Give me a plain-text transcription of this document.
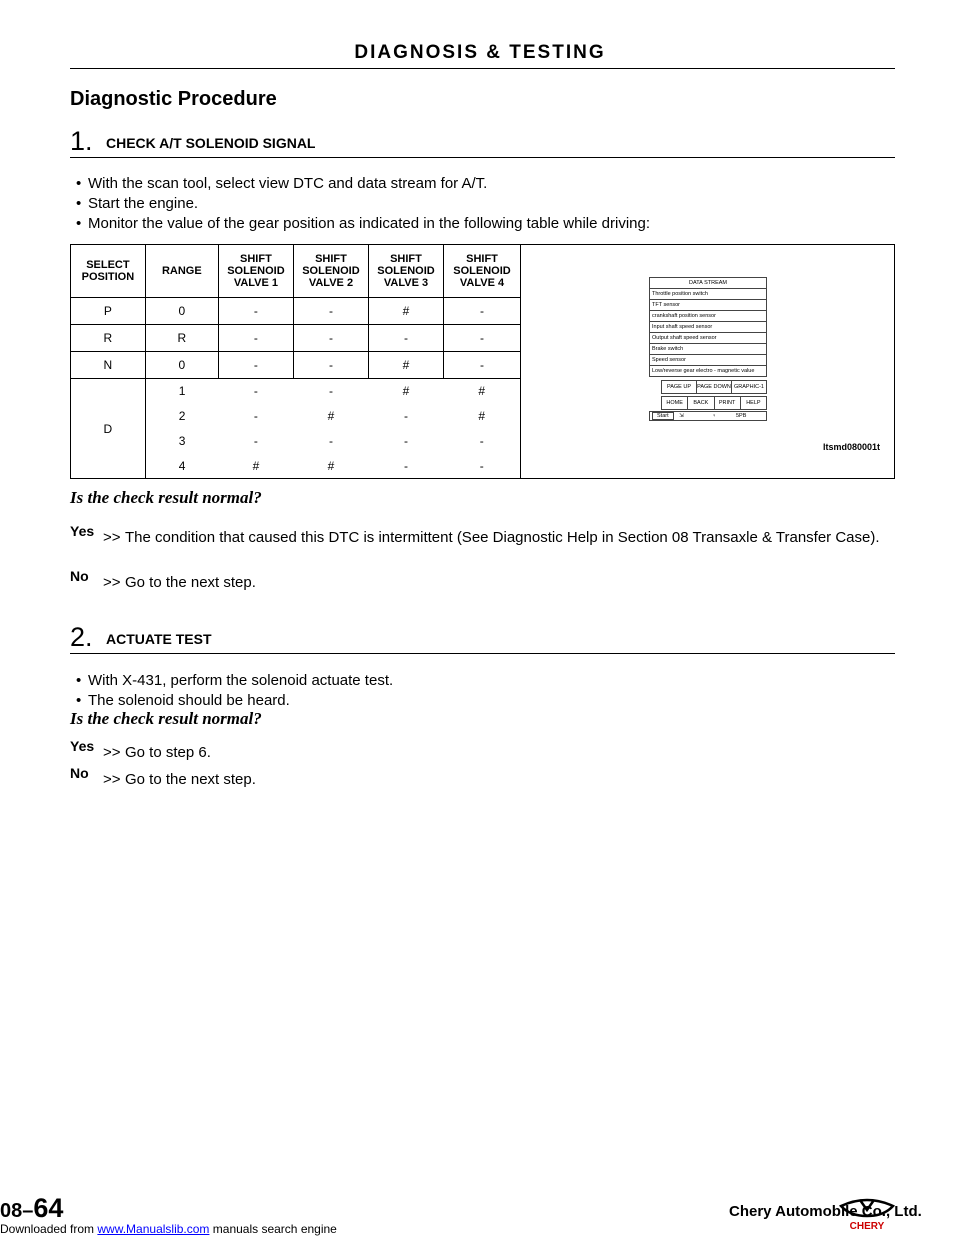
DIAGNOSIS & TESTING
Diagnostic Procedure
1. CHECK A/T SOLENOID SIGNAL
• With the scan tool, select view DTC and data stream for A/T.
• Start the engine.
• Monitor the value of the gear position as indicated in the following table while driving:
SELECT POSITION	RANGE	SHIFT SOLENOID VALVE 1	SHIFT SOLENOID VALVE 2	SHIFT SOLENOID VALVE 3	SHIFT SOLENOID VALVE 4
P	0	-	-	#	-
R	R	-	-	-	-
N	0	-	-	#	-
D	1	-	-	#	#
	2	-	#	-	#
	3	-	-	-	-
	4	#	#	-	-
DATA STREAM
Throttle position switch
TFT sensor
crankshaft position sensor
Input shaft speed sensor
Output shaft speed sensor
Brake switch
Speed sensor
Low/reverse gear electro - magnetic value
PAGE UP	PAGE DOWN GRAPHIC-1
HOME	BACK	PRINT	HELP
Start ⇲	♀	5PB
ltsmd080001t
Is the check result normal?
Yes >> The condition that caused this DTC is intermittent (See Diagnostic Help in Section 08 Transaxle & Transfer Case).
No >> Go to the next step.
2. ACTUATE TEST
• With X-431, perform the solenoid actuate test.
• The solenoid should be heard.
Is the check result normal?
Yes >> Go to step 6.
No >> Go to the next step.
08–64	Chery Automobile Co., Ltd.
CHERY
Downloaded from www.Manualslib.com manuals search engine
